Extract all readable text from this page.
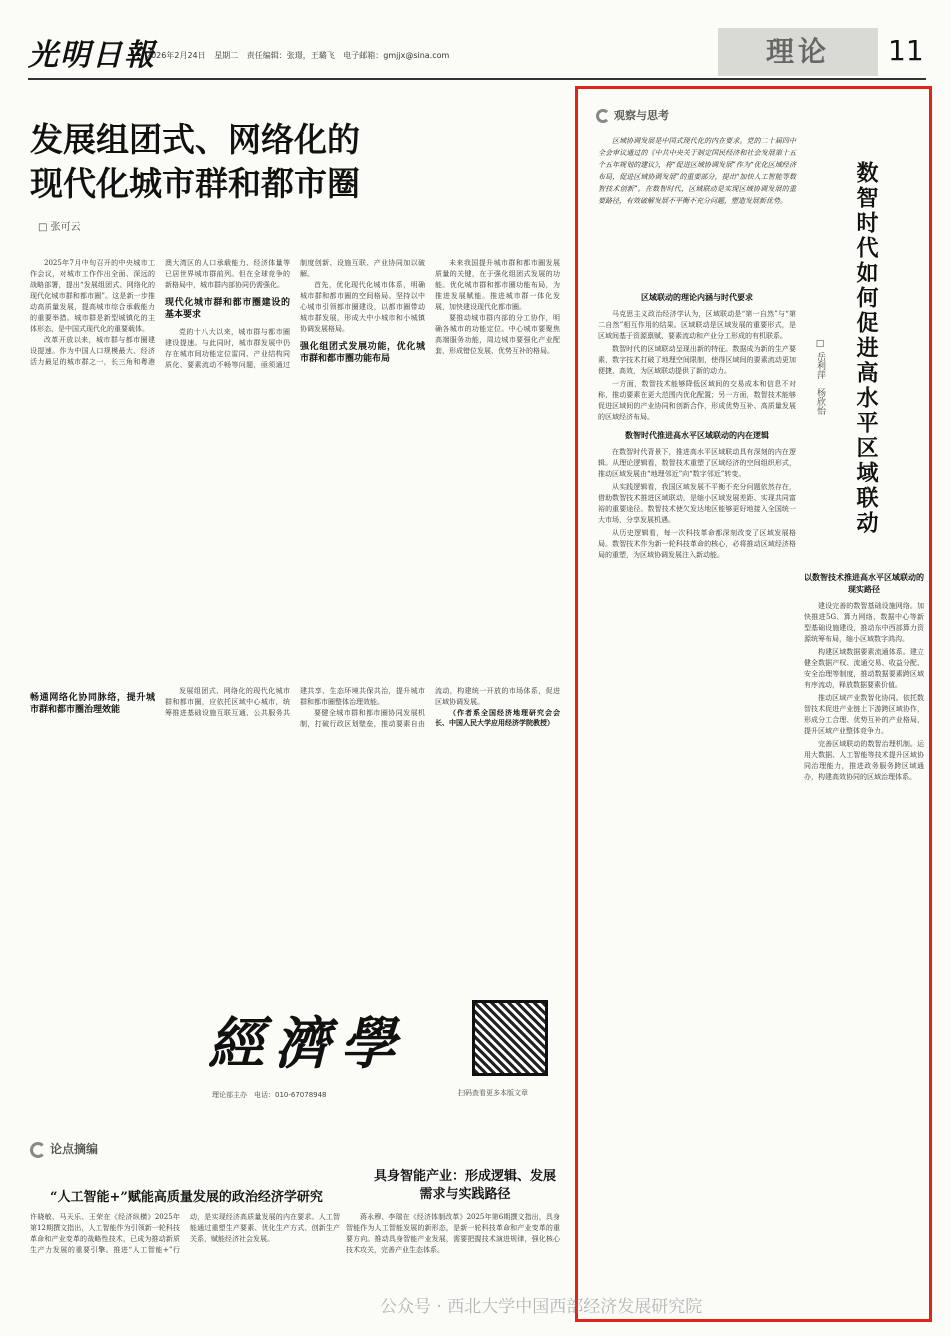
光明日報
2026年2月24日 星期二 责任编辑：张璟，王璐飞 电子邮箱：gmjjx@sina.com	理论	11
发展组团式、网络化的
现代化城市群和都市圈
□ 张可云

2025年7月中旬召开的中央城市工作会议，对城市工作作出全面、深远的战略部署，提出“发展组团式、网络化的现代化城市群和都市圈”。这是新一步推动高质量发展，提高城市综合承载能力的重要举措。城市群是新型城镇化的主体形态，是中国式现代化的重要载体。

改革开放以来，城市群与都市圈建设提速。作为中国人口规模最大、经济活力最足的城市群之一，长三角和粤港澳大湾区的人口承载能力、经济体量等已居世界城市群前列。但在全球竞争的新格局中，城市群内部协同仍需强化。

现代化城市群和都市圈建设的基本要求

党的十八大以来，城市群与都市圈建设提速。与此同时，城市群发展中仍存在城市间功能定位雷同、产业结构同质化、要素流动不畅等问题，亟须通过制度创新、设施互联、产业协同加以破解。

首先，优化现代化城市体系，明确城市群和都市圈的空间格局。坚持以中心城市引领都市圈建设，以都市圈带动城市群发展，形成大中小城市和小城镇协调发展格局。

强化组团式发展功能，优化城市群和都市圈功能布局

未来我国提升城市群和都市圈发展质量的关键，在于强化组团式发展的功能。优化城市群和都市圈功能布局，为推进发展赋能。推进城市群一体化发展，加快建设现代化都市圈。

要推动城市群内部的分工协作，明确各城市的功能定位。中心城市要聚焦高端服务功能，周边城市要强化产业配套，形成错位发展、优势互补的格局。

畅通网络化协同脉络，提升城市群和都市圈治理效能

发展组团式、网络化的现代化城市群和都市圈，应依托区域中心城市，统筹推进基础设施互联互通、公共服务共建共享、生态环境共保共治，提升城市群和都市圈整体治理效能。

要健全城市群和都市圈协同发展机制，打破行政区划壁垒，推动要素自由流动，构建统一开放的市场体系，促进区域协调发展。

（作者系全国经济地理研究会会长、中国人民大学应用经济学院教授）

經濟學
理论部主办　电话：010-67078948	扫码查看更多本版文章
论点摘编
“人工智能+”赋能高质量发展的政治经济学研究
许晓敏、马天乐、王荣在《经济纵横》2025年第12期撰文指出，人工智能作为引领新一轮科技革命和产业变革的战略性技术，已成为推动新质生产力发展的重要引擎。推进“人工智能+”行动，是实现经济高质量发展的内在要求。人工智能通过重塑生产要素、优化生产方式、创新生产关系，赋能经济社会发展。
具身智能产业：形成逻辑、发展需求与实践路径
蒋永穆、李瑞在《经济体制改革》2025年第6期撰文指出，具身智能作为人工智能发展的新形态，是新一轮科技革命和产业变革的重要方向。推动具身智能产业发展，需要把握技术演进规律，强化核心技术攻关，完善产业生态体系。
观察与思考
区域协调发展是中国式现代化的内在要求。党的二十届四中全会审议通过的《中共中央关于制定国民经济和社会发展第十五个五年规划的建议》，将“促进区域协调发展”作为“优化区域经济布局，促进区域协调发展”的重要部分，提出“加快人工智能等数智技术创新”。在数智时代，区域联动是实现区域协调发展的重要路径，有效破解发展不平衡不充分问题，塑造发展新优势。	数智时代如何促进高水平区域联动
□ 岳利萍　杨欣怡
区域联动的理论内涵与时代要求

马克思主义政治经济学认为，区域联动是“第一自然”与“第二自然”相互作用的结果。区域联动是区域发展的重要形式，是区域间基于资源禀赋、要素流动和产业分工形成的有机联系。

数智时代的区域联动呈现出新的特征。数据成为新的生产要素，数字技术打破了地理空间限制，使得区域间的要素流动更加便捷、高效，为区域联动提供了新的动力。

一方面，数智技术能够降低区域间的交易成本和信息不对称，推动要素在更大范围内优化配置；另一方面，数智技术能够促进区域间的产业协同和创新合作，形成优势互补、高质量发展的区域经济布局。

数智时代推进高水平区域联动的内在逻辑

在数智时代背景下，推进高水平区域联动具有深刻的内在逻辑。从理论逻辑看，数智技术重塑了区域经济的空间组织形式，推动区域发展由“地理邻近”向“数字邻近”转变。

从实践逻辑看，我国区域发展不平衡不充分问题依然存在，借助数智技术推进区域联动，是缩小区域发展差距、实现共同富裕的重要途径。数智技术使欠发达地区能够更好地接入全国统一大市场，分享发展机遇。

从历史逻辑看，每一次科技革命都深刻改变了区域发展格局。数智技术作为新一轮科技革命的核心，必将推动区域经济格局的重塑，为区域协调发展注入新动能。

以数智技术推进高水平区域联动的现实路径

建设完善的数智基础设施网络。加快推进5G、算力网络、数据中心等新型基础设施建设，推动东中西部算力资源统筹布局，缩小区域数字鸿沟。

构建区域数据要素流通体系。建立健全数据产权、流通交易、收益分配、安全治理等制度，推动数据要素跨区域有序流动，释放数据要素价值。

推动区域产业数智化协同。依托数智技术促进产业链上下游跨区域协作，形成分工合理、优势互补的产业格局，提升区域产业整体竞争力。

完善区域联动的数智治理机制。运用大数据、人工智能等技术提升区域协同治理能力，推进政务服务跨区域通办，构建高效协同的区域治理体系。

公众号 · 西北大学中国西部经济发展研究院
